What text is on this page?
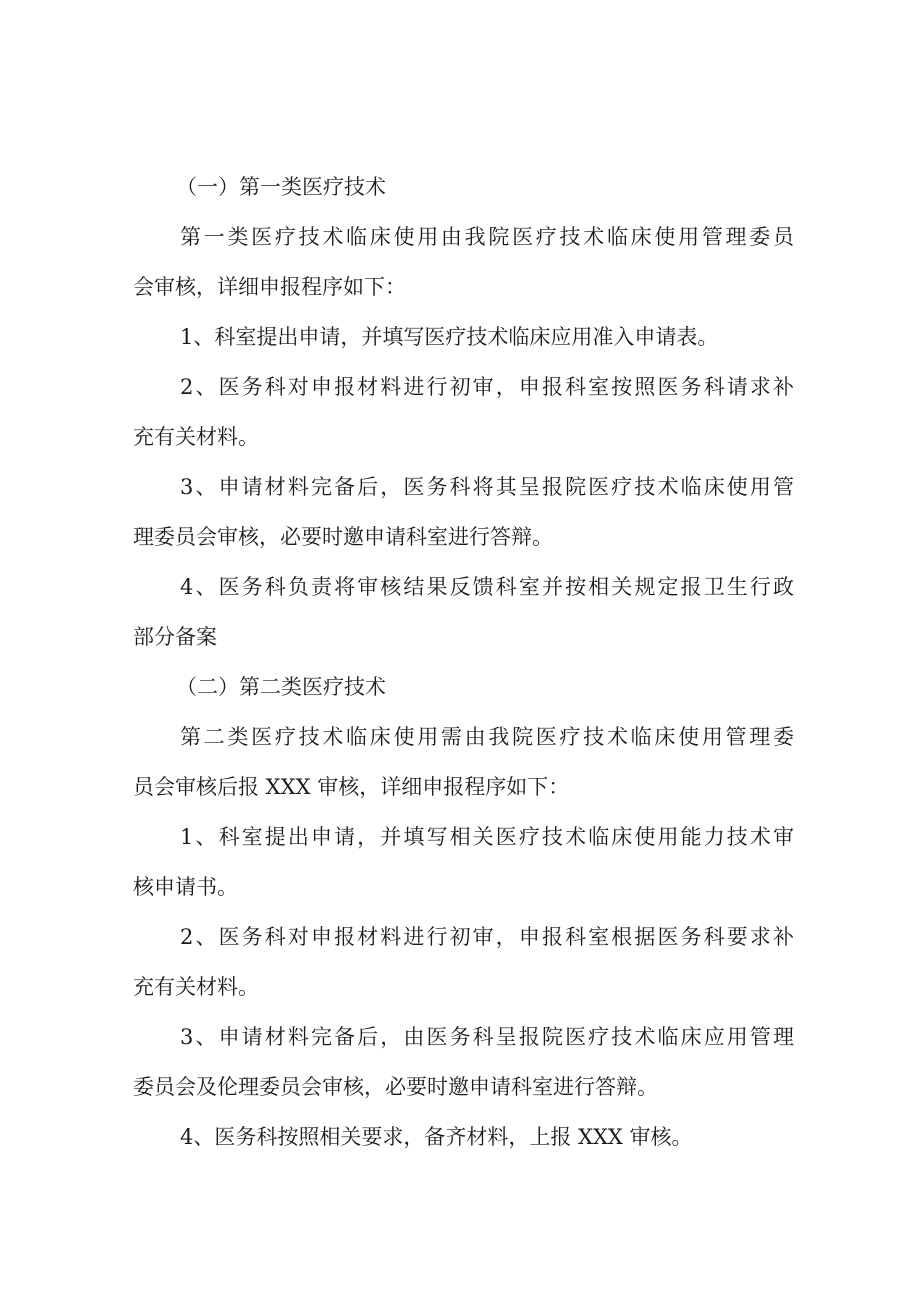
（一）第一类医疗技术

第一类医疗技术临床使用由我院医疗技术临床使用管理委员

会审核，详细申报程序如下：

1、科室提出申请，并填写医疗技术临床应用准入申请表。

2、医务科对申报材料进行初审，申报科室按照医务科请求补

充有关材料。

3、申请材料完备后，医务科将其呈报院医疗技术临床使用管

理委员会审核，必要时邀申请科室进行答辩。

4、医务科负责将审核结果反馈科室并按相关规定报卫生行政

部分备案

（二）第二类医疗技术

第二类医疗技术临床使用需由我院医疗技术临床使用管理委

员会审核后报 XXX 审核，详细申报程序如下：

1、科室提出申请，并填写相关医疗技术临床使用能力技术审

核申请书。

2、医务科对申报材料进行初审，申报科室根据医务科要求补

充有关材料。

3、申请材料完备后，由医务科呈报院医疗技术临床应用管理

委员会及伦理委员会审核，必要时邀申请科室进行答辩。

4、医务科按照相关要求，备齐材料，上报 XXX 审核。
